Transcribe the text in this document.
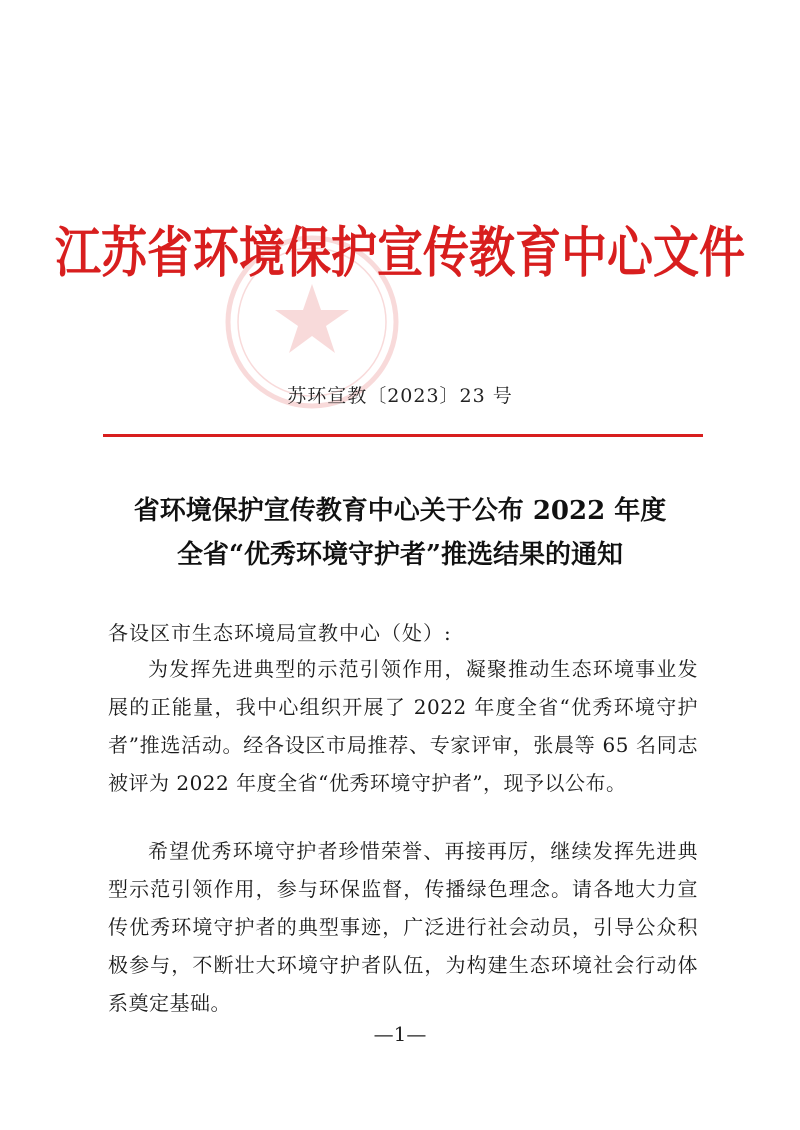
江苏省环境保护宣传教育中心文件
苏环宣教〔2023〕23 号
省环境保护宣传教育中心关于公布 2022 年度
全省“优秀环境守护者”推选结果的通知
各设区市生态环境局宣教中心（处）:
为发挥先进典型的示范引领作用，凝聚推动生态环境事业发展的正能量，我中心组织开展了 2022 年度全省“优秀环境守护者”推选活动。经各设区市局推荐、专家评审，张晨等 65 名同志被评为 2022 年度全省“优秀环境守护者”，现予以公布。
希望优秀环境守护者珍惜荣誉、再接再厉，继续发挥先进典型示范引领作用，参与环保监督，传播绿色理念。请各地大力宣传优秀环境守护者的典型事迹，广泛进行社会动员，引导公众积极参与，不断壮大环境守护者队伍，为构建生态环境社会行动体系奠定基础。
—1—
